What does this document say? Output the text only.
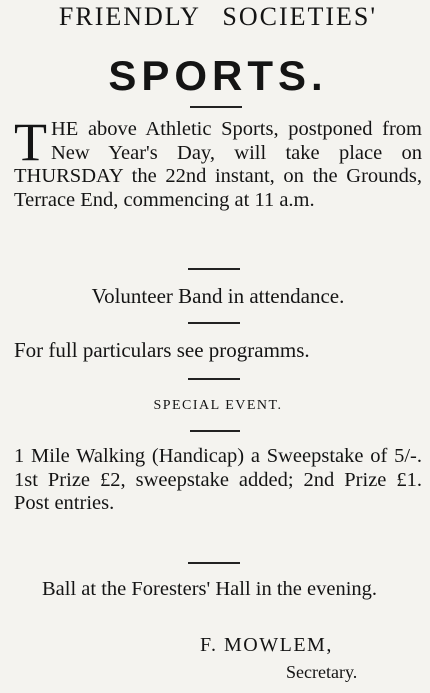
FRIENDLY SOCIETIES'
SPORTS.
THE above Athletic Sports, postponed from New Year's Day, will take place on THURSDAY the 22nd instant, on the Grounds, Terrace End, commencing at 11 a.m.
Volunteer Band in attendance.
For full particulars see programms.
SPECIAL EVENT.
1 Mile Walking (Handicap) a Sweepstake of 5/-. 1st Prize £2, sweepstake added; 2nd Prize £1. Post entries.
Ball at the Foresters' Hall in the evening.
F. MOWLEM,
Secretary.
